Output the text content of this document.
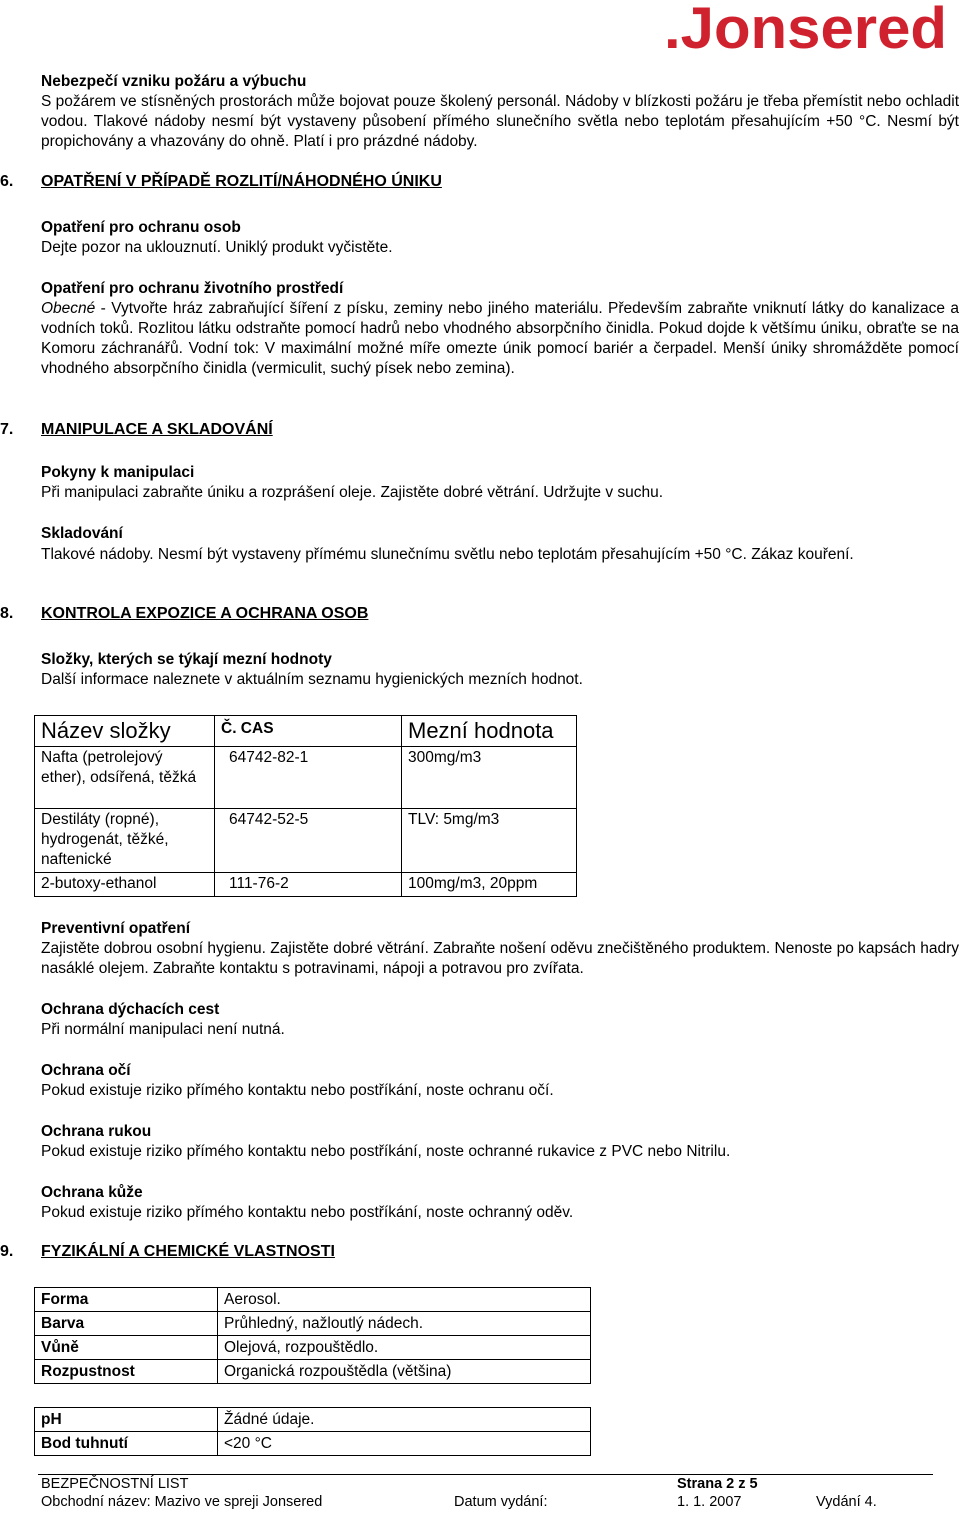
.Jonsered
Nebezpečí vzniku požáru a výbuchu
S požárem ve stísněných prostorách může bojovat pouze školený personál. Nádoby v blízkosti požáru je třeba přemístit nebo ochladit vodou. Tlakové nádoby nesmí být vystaveny působení přímého slunečního světla nebo teplotám přesahujícím +50 °C. Nesmí být propichovány a vhazovány do ohně. Platí i pro prázdné nádoby.
6. OPATŘENÍ V PŘÍPADĚ ROZLITÍ/NÁHODNÉHO ÚNIKU
Opatření pro ochranu osob
Dejte pozor na uklouznutí. Uniklý produkt vyčistěte.
Opatření pro ochranu životního prostředí
Obecné - Vytvořte hráz zabraňující šíření z písku, zeminy nebo jiného materiálu. Především zabraňte vniknutí látky do kanalizace a vodních toků. Rozlitou látku odstraňte pomocí hadrů nebo vhodného absorpčního činidla. Pokud dojde k většímu úniku, obraťte se na Komoru záchranářů. Vodní tok: V maximální možné míře omezte únik pomocí bariér a čerpadel. Menší úniky shromážděte pomocí vhodného absorpčního činidla (vermiculit, suchý písek nebo zemina).
7. MANIPULACE A SKLADOVÁNÍ
Pokyny k manipulaci
Při manipulaci zabraňte úniku a rozprášení oleje. Zajistěte dobré větrání. Udržujte v suchu.
Skladování
Tlakové nádoby. Nesmí být vystaveny přímému slunečnímu světlu nebo teplotám přesahujícím +50 °C. Zákaz kouření.
8. KONTROLA EXPOZICE A OCHRANA OSOB
Složky, kterých se týkají mezní hodnoty
Další informace naleznete v aktuálním seznamu hygienických mezních hodnot.
Název složky	Č. CAS	Mezní hodnota
Nafta (petrolejový ether), odsířená, těžká	64742-82-1	300mg/m3
Destiláty (ropné), hydrogenát, těžké, naftenické	64742-52-5	TLV: 5mg/m3
2-butoxy-ethanol	111-76-2	100mg/m3, 20ppm
Preventivní opatření
Zajistěte dobrou osobní hygienu. Zajistěte dobré větrání. Zabraňte nošení oděvu znečištěného produktem. Nenoste po kapsách hadry nasáklé olejem. Zabraňte kontaktu s potravinami, nápoji a potravou pro zvířata.
Ochrana dýchacích cest
Při normální manipulaci není nutná.
Ochrana očí
Pokud existuje riziko přímého kontaktu nebo postříkání, noste ochranu očí.
Ochrana rukou
Pokud existuje riziko přímého kontaktu nebo postříkání, noste ochranné rukavice z PVC nebo Nitrilu.
Ochrana kůže
Pokud existuje riziko přímého kontaktu nebo postříkání, noste ochranný oděv.
9. FYZIKÁLNÍ A CHEMICKÉ VLASTNOSTI
Forma	Aerosol.
Barva	Průhledný, nažloutlý nádech.
Vůně	Olejová, rozpouštědlo.
Rozpustnost	Organická rozpouštědla (většina)
pH	Žádné údaje.
Bod tuhnutí	<20 °C
BEZPEČNOSTNÍ LIST	Strana 2 z 5
Obchodní název: Mazivo ve spreji Jonsered	Datum vydání:	1. 1. 2007	Vydání 4.
